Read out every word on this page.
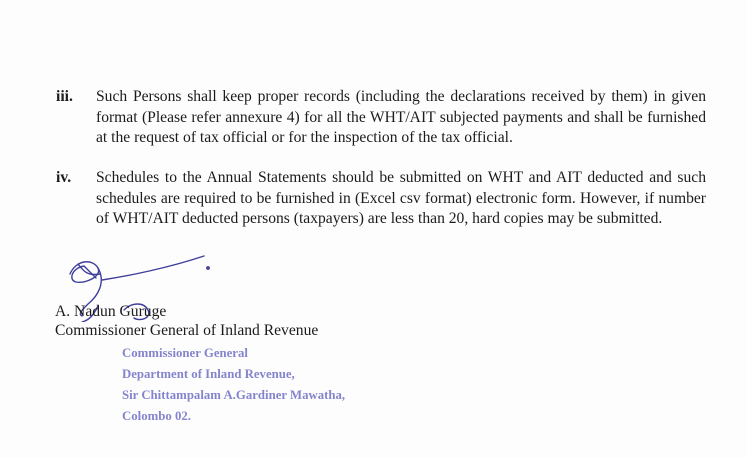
iii.	Such Persons shall keep proper records (including the declarations received by them) in given format (Please refer annexure 4) for all the WHT/AIT subjected payments and shall be furnished at the request of tax official or for the inspection of the tax official.
iv.	Schedules to the Annual Statements should be submitted on WHT and AIT deducted and such schedules are required to be furnished in (Excel csv format) electronic form. However, if number of WHT/AIT deducted persons (taxpayers) are less than 20, hard copies may be submitted.
A. Nadun Guruge
Commissioner General of Inland Revenue
Commissioner General
Department of Inland Revenue,
Sir Chittampalam A.Gardiner Mawatha,
Colombo 02.
